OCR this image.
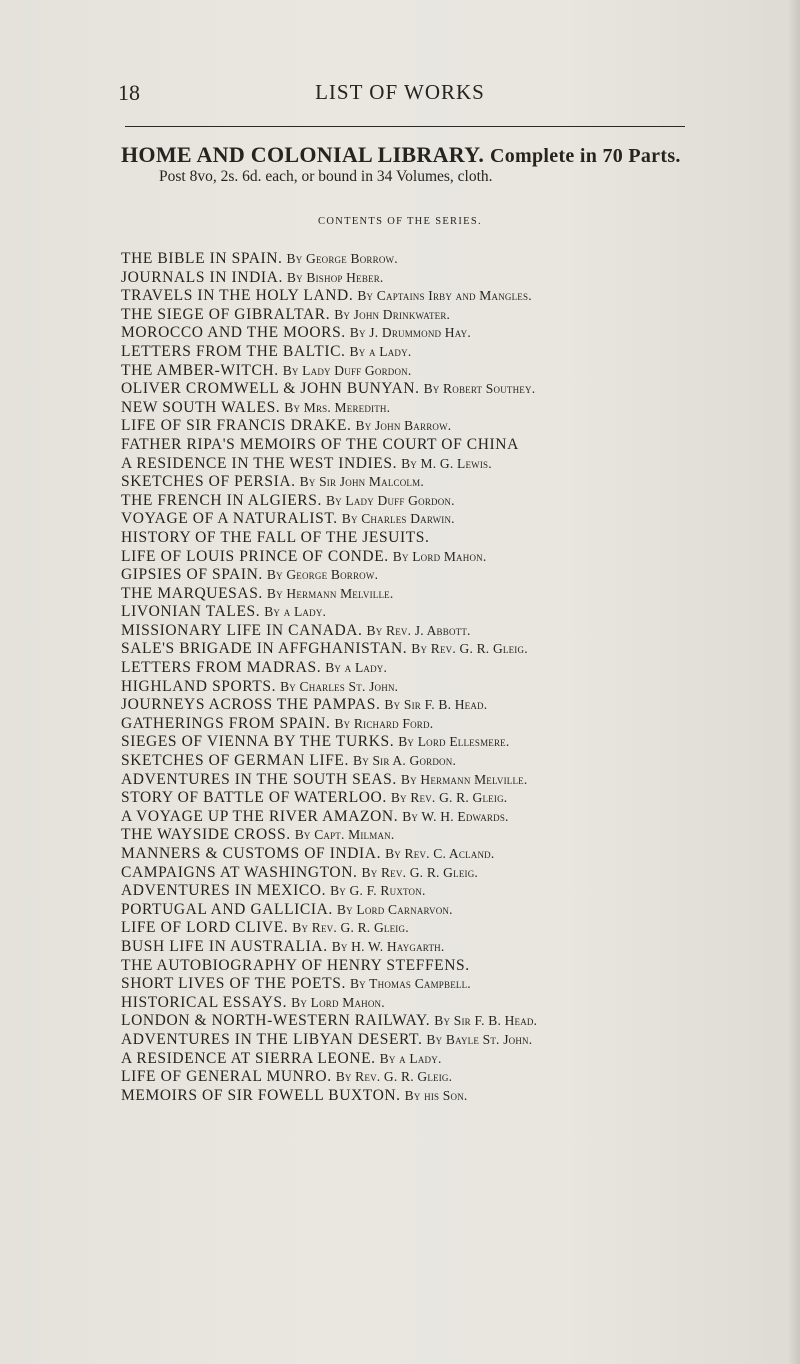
18	LIST OF WORKS
HOME AND COLONIAL LIBRARY. Complete in 70 Parts.
Post 8vo, 2s. 6d. each, or bound in 34 Volumes, cloth.
CONTENTS OF THE SERIES.
THE BIBLE IN SPAIN. By George Borrow.
JOURNALS IN INDIA. By Bishop Heber.
TRAVELS IN THE HOLY LAND. By Captains Irby and Mangles.
THE SIEGE OF GIBRALTAR. By John Drinkwater.
MOROCCO AND THE MOORS. By J. Drummond Hay.
LETTERS FROM THE BALTIC. By a Lady.
THE AMBER-WITCH. By Lady Duff Gordon.
OLIVER CROMWELL & JOHN BUNYAN. By Robert Southey.
NEW SOUTH WALES. By Mrs. Meredith.
LIFE OF SIR FRANCIS DRAKE. By John Barrow.
FATHER RIPA'S MEMOIRS OF THE COURT OF CHINA
A RESIDENCE IN THE WEST INDIES. By M. G. Lewis.
SKETCHES OF PERSIA. By Sir John Malcolm.
THE FRENCH IN ALGIERS. By Lady Duff Gordon.
VOYAGE OF A NATURALIST. By Charles Darwin.
HISTORY OF THE FALL OF THE JESUITS.
LIFE OF LOUIS PRINCE OF CONDE. By Lord Mahon.
GIPSIES OF SPAIN. By George Borrow.
THE MARQUESAS. By Hermann Melville.
LIVONIAN TALES. By a Lady.
MISSIONARY LIFE IN CANADA. By Rev. J. Abbott.
SALE'S BRIGADE IN AFFGHANISTAN. By Rev. G. R. Gleig.
LETTERS FROM MADRAS. By a Lady.
HIGHLAND SPORTS. By Charles St. John.
JOURNEYS ACROSS THE PAMPAS. By Sir F. B. Head.
GATHERINGS FROM SPAIN. By Richard Ford.
SIEGES OF VIENNA BY THE TURKS. By Lord Ellesmere.
SKETCHES OF GERMAN LIFE. By Sir A. Gordon.
ADVENTURES IN THE SOUTH SEAS. By Hermann Melville.
STORY OF BATTLE OF WATERLOO. By Rev. G. R. Gleig.
A VOYAGE UP THE RIVER AMAZON. By W. H. Edwards.
THE WAYSIDE CROSS. By Capt. Milman.
MANNERS & CUSTOMS OF INDIA. By Rev. C. Acland.
CAMPAIGNS AT WASHINGTON. By Rev. G. R. Gleig.
ADVENTURES IN MEXICO. By G. F. Ruxton.
PORTUGAL AND GALLICIA. By Lord Carnarvon.
LIFE OF LORD CLIVE. By Rev. G. R. Gleig.
BUSH LIFE IN AUSTRALIA. By H. W. Haygarth.
THE AUTOBIOGRAPHY OF HENRY STEFFENS.
SHORT LIVES OF THE POETS. By Thomas Campbell.
HISTORICAL ESSAYS. By Lord Mahon.
LONDON & NORTH-WESTERN RAILWAY. By Sir F. B. Head.
ADVENTURES IN THE LIBYAN DESERT. By Bayle St. John.
A RESIDENCE AT SIERRA LEONE. By a Lady.
LIFE OF GENERAL MUNRO. By Rev. G. R. Gleig.
MEMOIRS OF SIR FOWELL BUXTON. By his Son.
